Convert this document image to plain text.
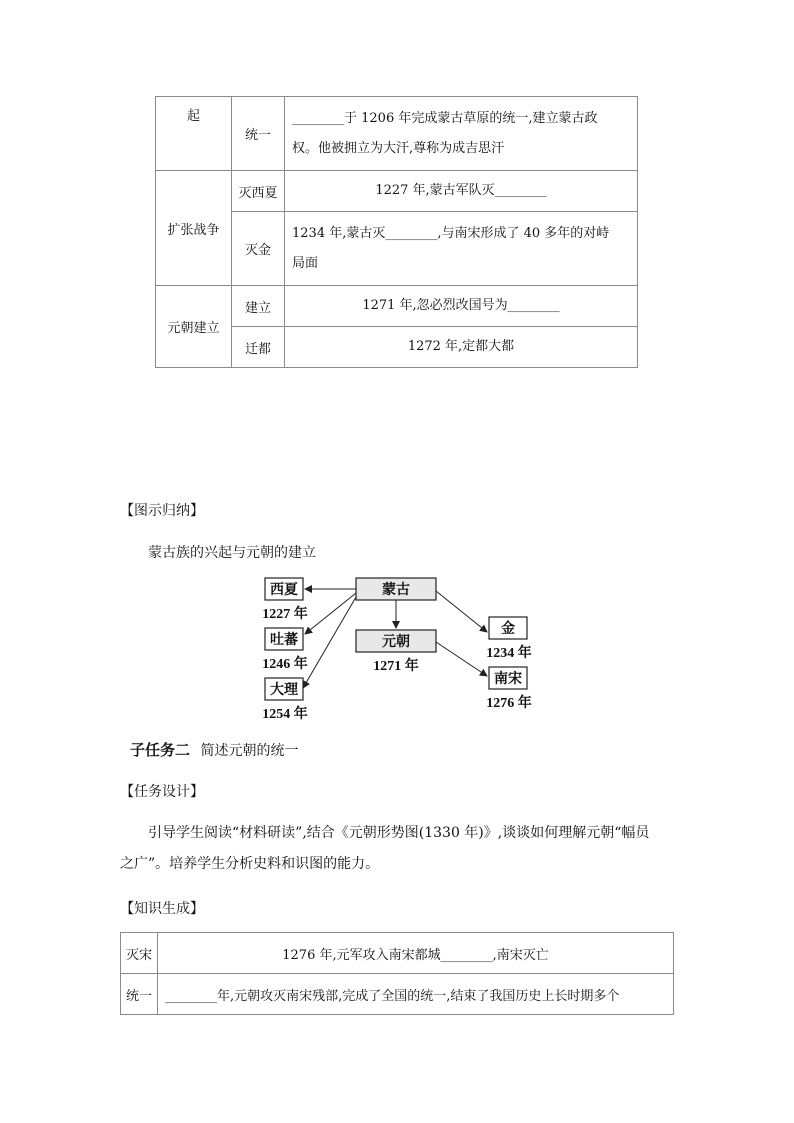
起	统一	________于 1206 年完成蒙古草原的统一,建立蒙古政
权。他被拥立为大汗,尊称为成吉思汗

扩张战争	灭西夏	1227 年,蒙古军队灭________
	灭金	1234 年,蒙古灭________,与南宋形成了 40 多年的对峙
局面

元朝建立	建立	1271 年,忽必烈改国号为________
	迁都	1272 年,定都大都
【图示归纳】
蒙古族的兴起与元朝的建立
蒙古
元朝
1271 年
西夏
1227 年
吐蕃
1246 年
大理
1254 年
金
1234 年
南宋
1276 年
子任务二 简述元朝的统一
【任务设计】
引导学生阅读“材料研读”,结合《元朝形势图(1330 年)》,谈谈如何理解元朝“幅员
之广”。培养学生分析史料和识图的能力。
【知识生成】
灭宋	1276 年,元军攻入南宋都城________,南宋灭亡
统一	________年,元朝攻灭南宋残部,完成了全国的统一,结束了我国历史上长时期多个
